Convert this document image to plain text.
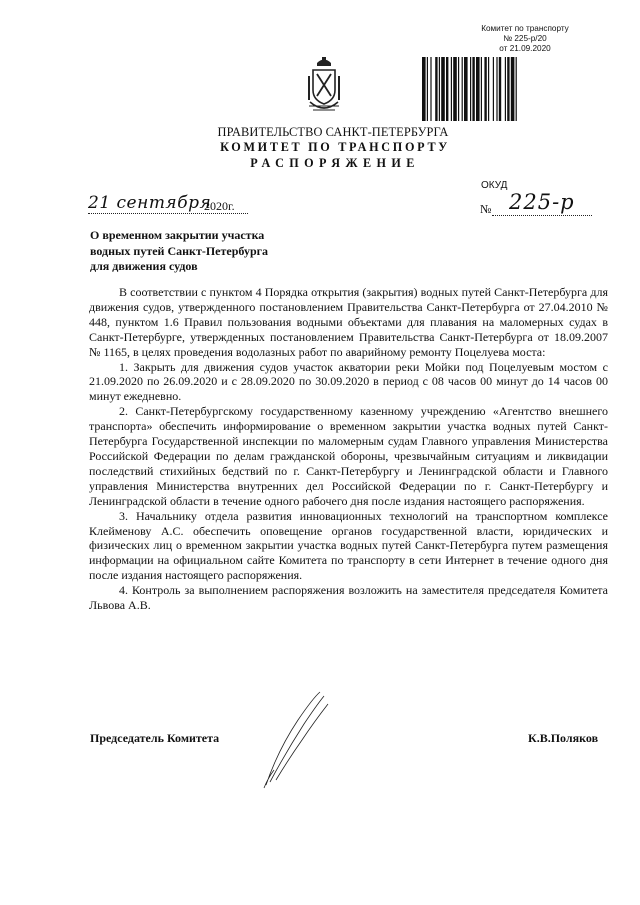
Комитет по транспорту
№ 225-р/20
от 21.09.2020
ПРАВИТЕЛЬСТВО САНКТ-ПЕТЕРБУРГА
КОМИТЕТ ПО ТРАНСПОРТУ
РАСПОРЯЖЕНИЕ
21 сентября
2020г.
ОКУД
№ 225-р
О временном закрытии участка
водных путей Санкт-Петербурга
для движения судов

В соответствии с пунктом 4 Порядка открытия (закрытия) водных путей Санкт-Петербурга для движения судов, утвержденного постановлением Правительства Санкт-Петербурга от 27.04.2010 № 448, пунктом 1.6 Правил пользования водными объектами для плавания на маломерных судах в Санкт-Петербурге, утвержденных постановлением Правительства Санкт-Петербурга от 18.09.2007 № 1165, в целях проведения водолазных работ по аварийному ремонту Поцелуева моста:

1. Закрыть для движения судов участок акватории реки Мойки под Поцелуевым мостом с 21.09.2020 по 26.09.2020 и с 28.09.2020 по 30.09.2020 в период с 08 часов 00 минут до 14 часов 00 минут ежедневно.

2. Санкт-Петербургскому государственному казенному учреждению «Агентство внешнего транспорта» обеспечить информирование о временном закрытии участка водных путей Санкт-Петербурга Государственной инспекции по маломерным судам Главного управления Министерства Российской Федерации по делам гражданской обороны, чрезвычайным ситуациям и ликвидации последствий стихийных бедствий по г. Санкт-Петербургу и Ленинградской области и Главного управления Министерства внутренних дел Российской Федерации по г. Санкт-Петербургу и Ленинградской области в течение одного рабочего дня после издания настоящего распоряжения.

3. Начальнику отдела развития инновационных технологий на транспортном комплексе Клейменову А.С. обеспечить оповещение органов государственной власти, юридических и физических лиц о временном закрытии участка водных путей Санкт-Петербурга путем размещения информации на официальном сайте Комитета по транспорту в сети Интернет в течение одного дня после издания настоящего распоряжения.

4. Контроль за выполнением распоряжения возложить на заместителя председателя Комитета Львова А.В.

Председатель Комитета	К.В.Поляков
